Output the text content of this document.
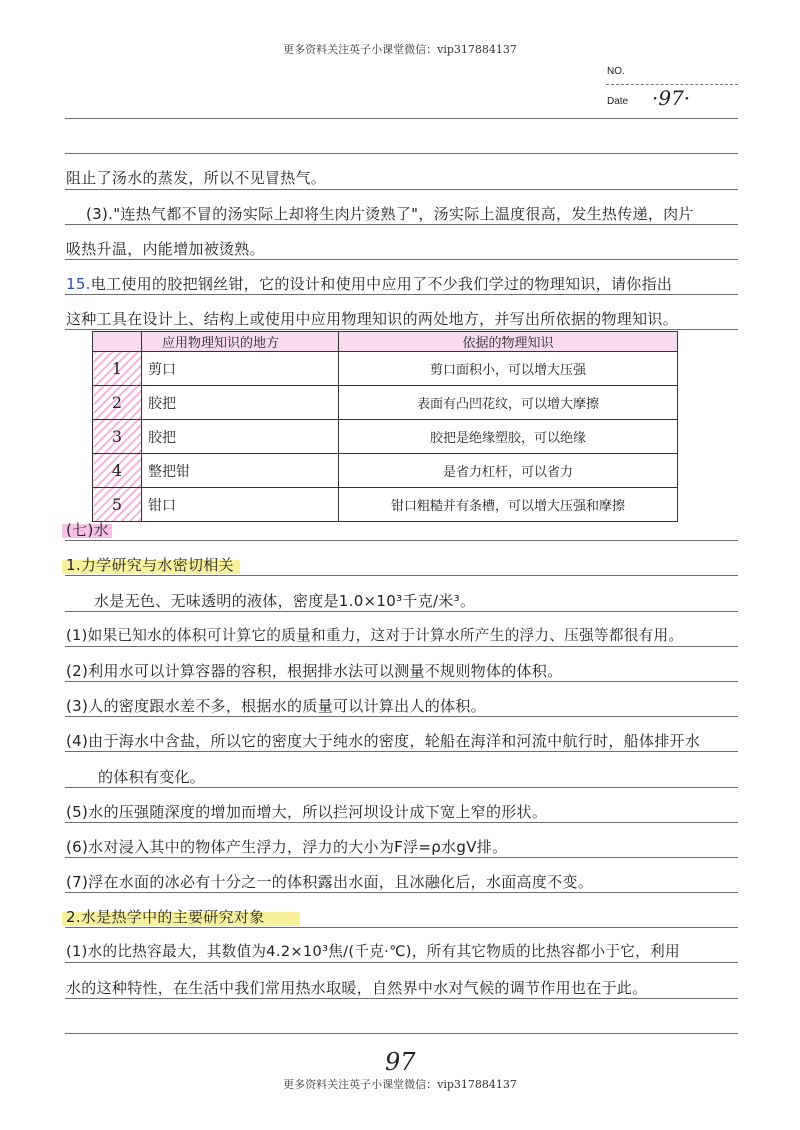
更多资料关注英子小课堂微信：vip317884137
NO.
Date ·97·
阻止了汤水的蒸发，所以不见冒热气。
(3)."连热气都不冒的汤实际上却将生肉片烫熟了"，汤实际上温度很高，发生热传递，肉片
吸热升温，内能增加被烫熟。
15.电工使用的胶把钢丝钳，它的设计和使用中应用了不少我们学过的物理知识，请你指出
这种工具在设计上、结构上或使用中应用物理知识的两处地方，并写出所依据的物理知识。
	应用物理知识的地方	依据的物理知识
1	剪口	剪口面积小，可以增大压强
2	胶把	表面有凸凹花纹，可以增大摩擦
3	胶把	胶把是绝缘塑胶，可以绝缘
4	整把钳	是省力杠杆，可以省力
5	钳口	钳口粗糙并有条槽，可以增大压强和摩擦
(七)水
1.力学研究与水密切相关
水是无色、无味透明的液体，密度是1.0×10³千克/米³。
(1)如果已知水的体积可计算它的质量和重力，这对于计算水所产生的浮力、压强等都很有用。
(2)利用水可以计算容器的容积，根据排水法可以测量不规则物体的体积。
(3)人的密度跟水差不多，根据水的质量可以计算出人的体积。
(4)由于海水中含盐，所以它的密度大于纯水的密度，轮船在海洋和河流中航行时，船体排开水
的体积有变化。
(5)水的压强随深度的增加而增大，所以拦河坝设计成下宽上窄的形状。
(6)水对浸入其中的物体产生浮力，浮力的大小为F浮=ρ水gV排。
(7)浮在水面的冰必有十分之一的体积露出水面，且冰融化后，水面高度不变。
2.水是热学中的主要研究对象
(1)水的比热容最大，其数值为4.2×10³焦/(千克·℃)，所有其它物质的比热容都小于它，利用
水的这种特性，在生活中我们常用热水取暖，自然界中水对气候的调节作用也在于此。
97
更多资料关注英子小课堂微信：vip317884137
